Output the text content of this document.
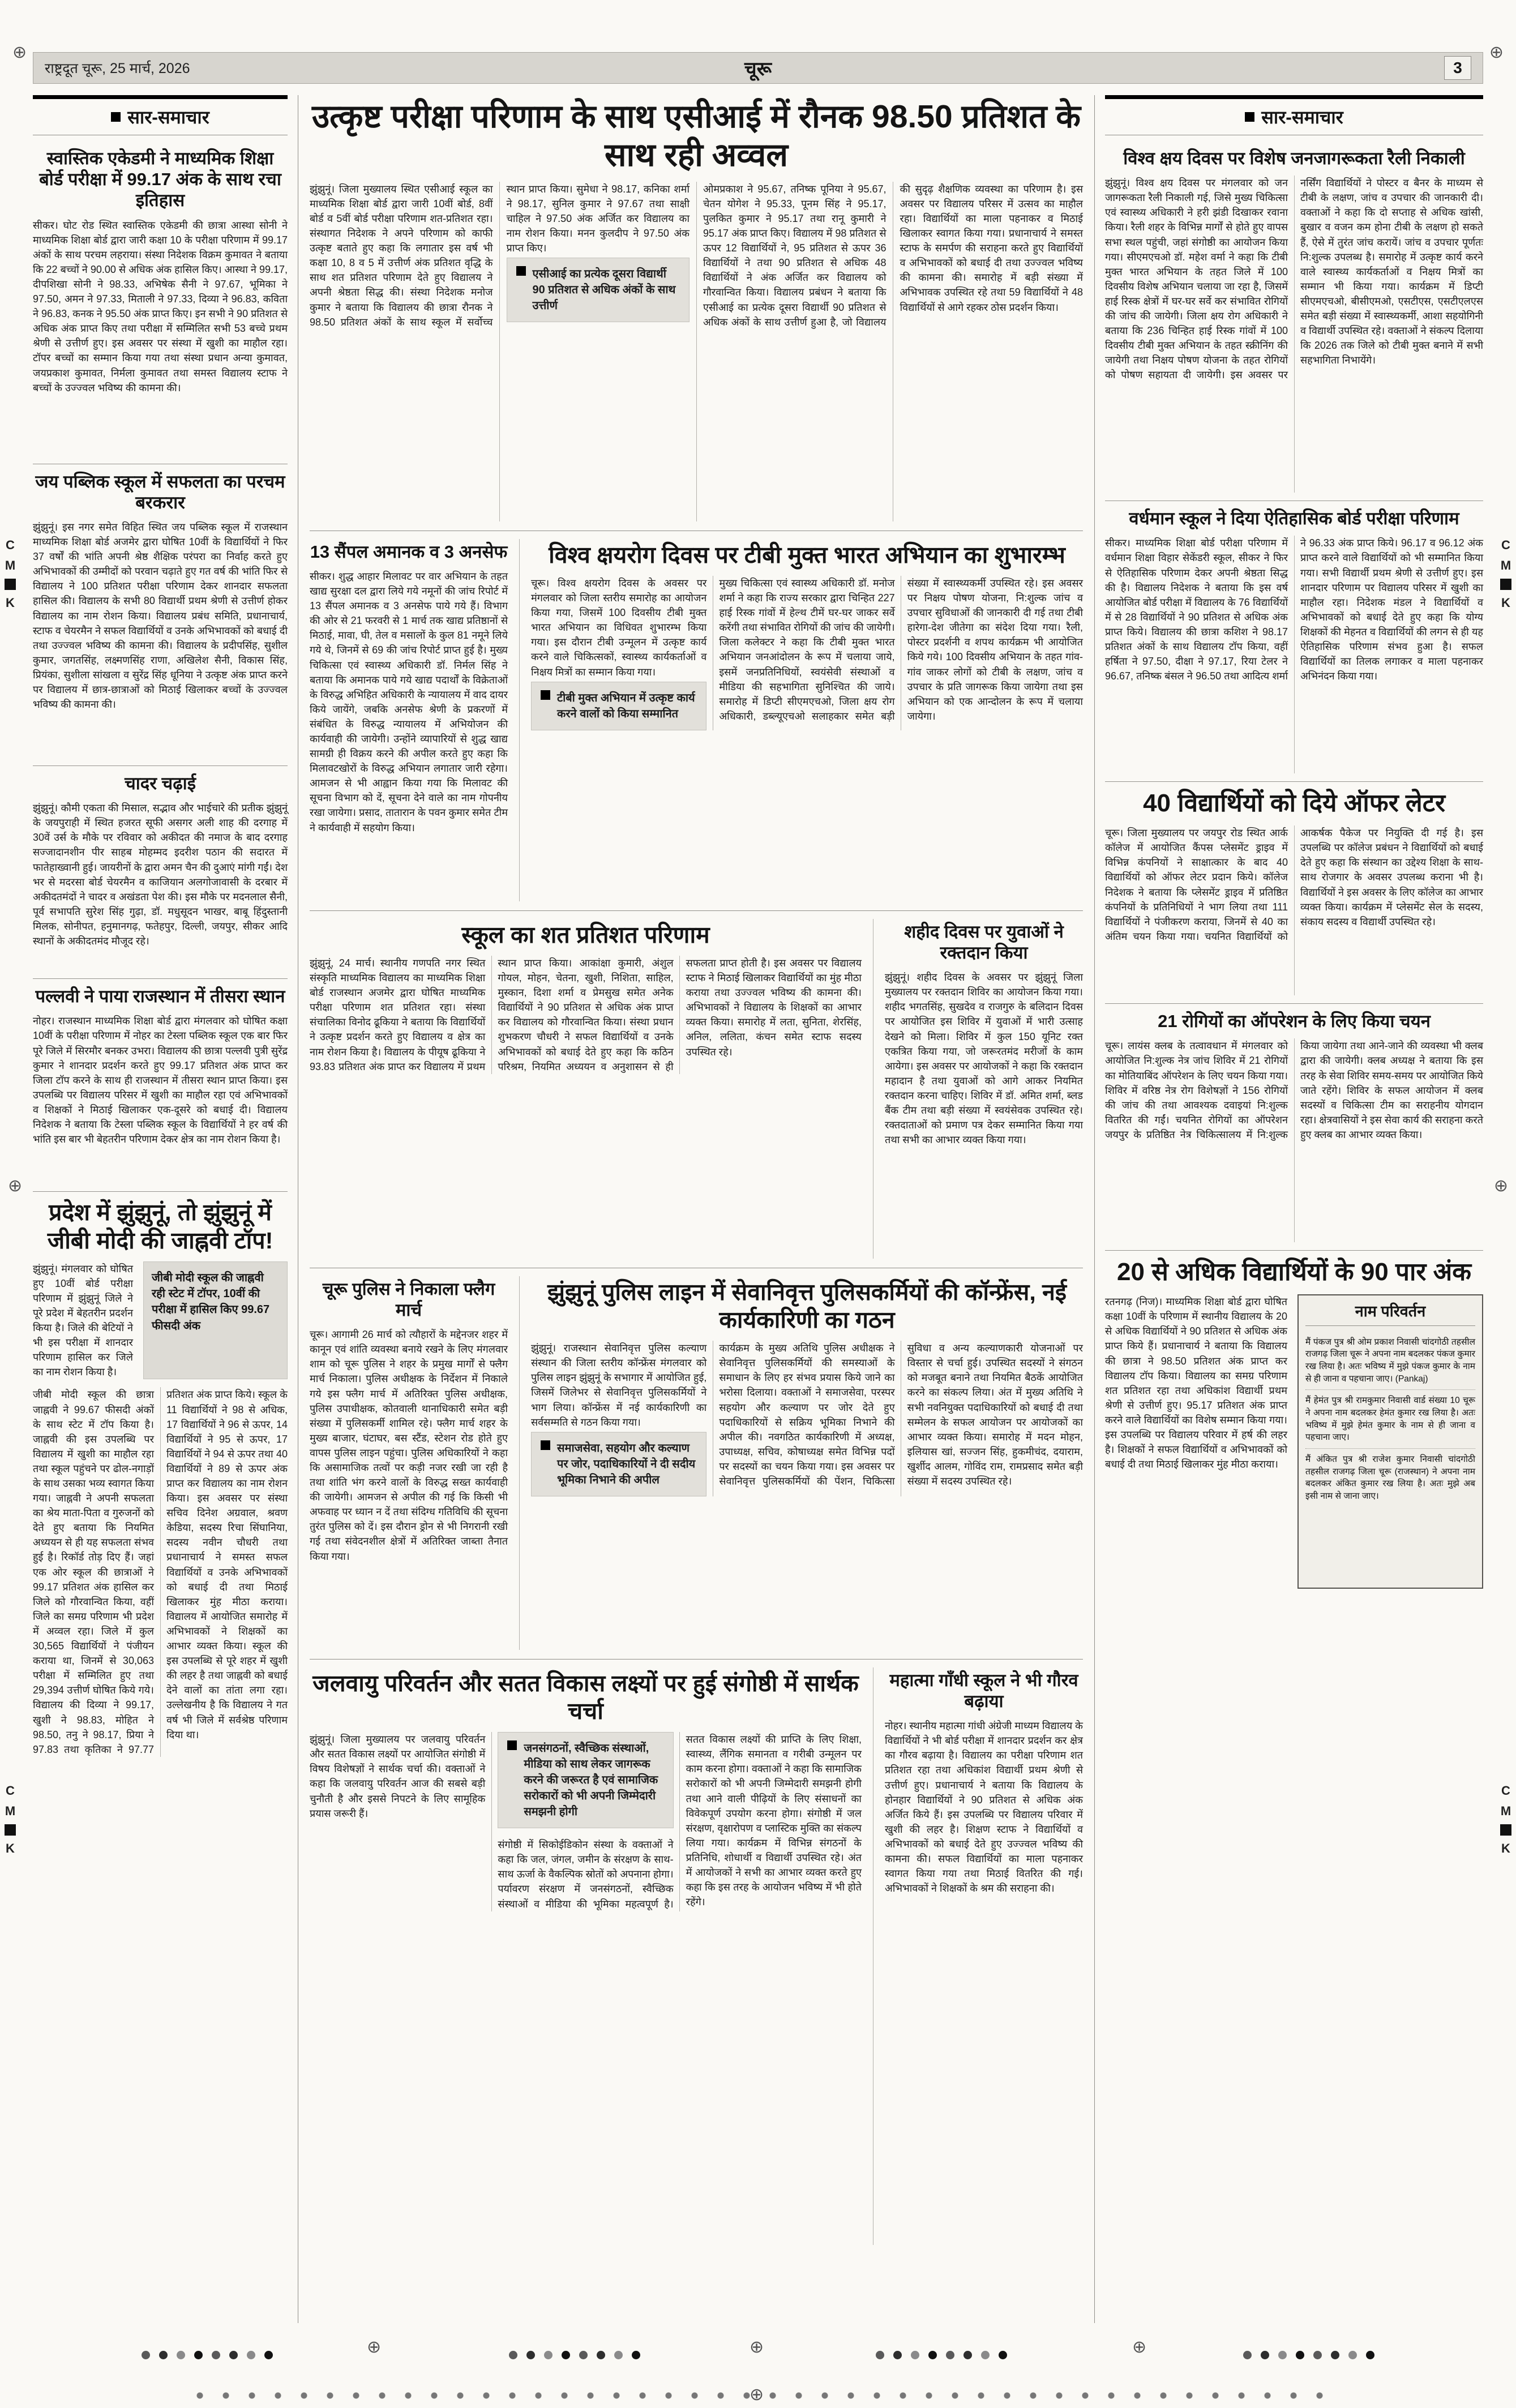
⊕
⊕
⊕
⊕
⊕
⊕
⊕
⊕
C
M
K
C
M
K
C
M
K
C
M
K
राष्ट्रदूत चूरू, 25 मार्च, 2026	चूरू	3
सार-समाचार
स्वास्तिक एकेडमी ने माध्यमिक शिक्षा बोर्ड परीक्षा में 99.17 अंक के साथ रचा इतिहास
सीकर। घोट रोड स्थित स्वास्तिक एकेडमी की छात्रा आस्था सोनी ने माध्यमिक शिक्षा बोर्ड द्वारा जारी कक्षा 10 के परीक्षा परिणाम में 99.17 अंकों के साथ परचम लहराया। संस्था निदेशक विक्रम कुमावत ने बताया कि 22 बच्चों ने 90.00 से अधिक अंक हासिल किए। आस्था ने 99.17, दीपशिखा सोनी ने 98.33, अभिषेक सैनी ने 97.67, भूमिका ने 97.50, अमन ने 97.33, मिताली ने 97.33, दिव्या ने 96.83, कविता ने 96.83, कनक ने 95.50 अंक प्राप्त किए। इन सभी ने 90 प्रतिशत से अधिक अंक प्राप्त किए तथा परीक्षा में सम्मिलित सभी 53 बच्चे प्रथम श्रेणी से उत्तीर्ण हुए। इस अवसर पर संस्था में खुशी का माहौल रहा। टॉपर बच्चों का सम्मान किया गया तथा संस्था प्रधान अन्या कुमावत, जयप्रकाश कुमावत, निर्मला कुमावत तथा समस्त विद्यालय स्टाफ ने बच्चों के उज्ज्वल भविष्य की कामना की।
जय पब्लिक स्कूल में सफलता का परचम बरकरार
झुंझुनूं। इस नगर समेत विहित स्थित जय पब्लिक स्कूल में राजस्थान माध्यमिक शिक्षा बोर्ड अजमेर द्वारा घोषित 10वीं के विद्यार्थियों ने फिर 37 वर्षों की भांति अपनी श्रेष्ठ शैक्षिक परंपरा का निर्वाह करते हुए अभिभावकों की उम्मीदों को परवान चढ़ाते हुए गत वर्ष की भांति फिर से विद्यालय ने 100 प्रतिशत परीक्षा परिणाम देकर शानदार सफलता हासिल की। विद्यालय के सभी 80 विद्यार्थी प्रथम श्रेणी से उत्तीर्ण होकर विद्यालय का नाम रोशन किया। विद्यालय प्रबंध समिति, प्रधानाचार्य, स्टाफ व चेयरमैन ने सफल विद्यार्थियों व उनके अभिभावकों को बधाई दी तथा उज्ज्वल भविष्य की कामना की। विद्यालय के प्रदीपसिंह, सुशील कुमार, जगतसिंह, लक्ष्मणसिंह राणा, अखिलेश सैनी, विकास सिंह, प्रियंका, सुशीला सांखला व सुरेंद्र सिंह धूनिया ने उत्कृष्ट अंक प्राप्त करने पर विद्यालय में छात्र-छात्राओं को मिठाई खिलाकर बच्चों के उज्ज्वल भविष्य की कामना की।
चादर चढ़ाई
झुंझुनूं। कौमी एकता की मिसाल, सद्भाव और भाईचारे की प्रतीक झुंझुनूं के जयपुराही में स्थित हजरत सूफी असगर अली शाह की दरगाह में 30वें उर्स के मौके पर रविवार को अकीदत की नमाज के बाद दरगाह सज्जादानशीन पीर साहब मोहम्मद इदरीश पठान की सदारत में फातेहाख्वानी हुई। जायरीनों के द्वारा अमन चैन की दुआएं मांगी गईं। देश भर से मदरसा बोर्ड चेयरमैन व काजियान अलगोजावासी के दरबार में अकीदतमंदों ने चादर व अखंडता पेश की। इस मौके पर मदनलाल सैनी, पूर्व सभापति सुरेश सिंह गुढ़ा, डॉ. मधुसूदन भाखर, बाबू हिंदुस्तानी मिलक, सोनीपत, हनुमानगढ़, फतेहपुर, दिल्ली, जयपुर, सीकर आदि स्थानों के अकीदतमंद मौजूद रहे।
पल्लवी ने पाया राजस्थान में तीसरा स्थान
नोहर। राजस्थान माध्यमिक शिक्षा बोर्ड द्वारा मंगलवार को घोषित कक्षा 10वीं के परीक्षा परिणाम में नोहर का टेस्ला पब्लिक स्कूल एक बार फिर पूरे जिले में सिरमौर बनकर उभरा। विद्यालय की छात्रा पल्लवी पुत्री सुरेंद्र कुमार ने शानदार प्रदर्शन करते हुए 99.17 प्रतिशत अंक प्राप्त कर जिला टॉप करने के साथ ही राजस्थान में तीसरा स्थान प्राप्त किया। इस उपलब्धि पर विद्यालय परिसर में खुशी का माहौल रहा एवं अभिभावकों व शिक्षकों ने मिठाई खिलाकर एक-दूसरे को बधाई दी। विद्यालय निदेशक ने बताया कि टेस्ला पब्लिक स्कूल के विद्यार्थियों ने हर वर्ष की भांति इस बार भी बेहतरीन परिणाम देकर क्षेत्र का नाम रोशन किया है।
प्रदेश में झुंझुनूं, तो झुंझुनूं में जीबी मोदी की जाह्नवी टॉप!
झुंझुनूं। मंगलवार को घोषित हुए 10वीं बोर्ड परीक्षा परिणाम में झुंझुनूं जिले ने पूरे प्रदेश में बेहतरीन प्रदर्शन किया है। जिले की बेटियों ने भी इस परीक्षा में शानदार परिणाम हासिल कर जिले का नाम रोशन किया है।
जीबी मोदी स्कूल की जाह्नवी रही स्टेट में टॉपर, 10वीं की परीक्षा में हासिल किए 99.67 फीसदी अंक
जीबी मोदी स्कूल की छात्रा जाह्नवी ने 99.67 फीसदी अंकों के साथ स्टेट में टॉप किया है। जाह्नवी की इस उपलब्धि पर विद्यालय में खुशी का माहौल रहा तथा स्कूल पहुंचने पर ढोल-नगाड़ों के साथ उसका भव्य स्वागत किया गया। जाह्नवी ने अपनी सफलता का श्रेय माता-पिता व गुरुजनों को देते हुए बताया कि नियमित अध्ययन से ही यह सफलता संभव हुई है। रिकॉर्ड तोड़ दिए हैं। जहां एक ओर स्कूल की छात्राओं ने 99.17 प्रतिशत अंक हासिल कर जिले को गौरवान्वित किया, वहीं जिले का समग्र परिणाम भी प्रदेश में अव्वल रहा। जिले में कुल 30,565 विद्यार्थियों ने पंजीयन कराया था, जिनमें से 30,063 परीक्षा में सम्मिलित हुए तथा 29,394 उत्तीर्ण घोषित किये गये। विद्यालय की दिव्या ने 99.17, खुशी ने 98.83, मोहित ने 98.50, तनु ने 98.17, प्रिया ने 97.83 तथा कृतिका ने 97.77 प्रतिशत अंक प्राप्त किये। स्कूल के 11 विद्यार्थियों ने 98 से अधिक, 17 विद्यार्थियों ने 96 से ऊपर, 14 विद्यार्थियों ने 95 से ऊपर, 17 विद्यार्थियों ने 94 से ऊपर तथा 40 विद्यार्थियों ने 89 से ऊपर अंक प्राप्त कर विद्यालय का नाम रोशन किया। इस अवसर पर संस्था सचिव दिनेश अग्रवाल, श्रवण केडिया, सदस्य रिचा सिंघानिया, सदस्य नवीन चौधरी तथा प्रधानाचार्य ने समस्त सफल विद्यार्थियों व उनके अभिभावकों को बधाई दी तथा मिठाई खिलाकर मुंह मीठा कराया। विद्यालय में आयोजित समारोह में अभिभावकों ने शिक्षकों का आभार व्यक्त किया। स्कूल की इस उपलब्धि से पूरे शहर में खुशी की लहर है तथा जाह्नवी को बधाई देने वालों का तांता लगा रहा। उल्लेखनीय है कि विद्यालय ने गत वर्ष भी जिले में सर्वश्रेष्ठ परिणाम दिया था।
उत्कृष्ट परीक्षा परिणाम के साथ एसीआई में रौनक 98.50 प्रतिशत के साथ रही अव्वल
झुंझुनूं। जिला मुख्यालय स्थित एसीआई स्कूल का माध्यमिक शिक्षा बोर्ड द्वारा जारी 10वीं बोर्ड, 8वीं बोर्ड व 5वीं बोर्ड परीक्षा परिणाम शत-प्रतिशत रहा। संस्थागत निदेशक ने अपने परिणाम को काफी उत्कृष्ट बताते हुए कहा कि लगातार इस वर्ष भी कक्षा 10, 8 व 5 में उत्तीर्ण अंक प्रतिशत वृद्धि के साथ शत प्रतिशत परिणाम देते हुए विद्यालय ने अपनी श्रेष्ठता सिद्ध की। संस्था निदेशक मनोज कुमार ने बताया कि विद्यालय की छात्रा रौनक ने 98.50 प्रतिशत अंकों के साथ स्कूल में सर्वोच्च स्थान प्राप्त किया। सुमेधा ने 98.17, कनिका शर्मा ने 98.17, सुनिल कुमार ने 97.67 तथा साक्षी चाहिल ने 97.50 अंक अर्जित कर विद्यालय का नाम रोशन किया। मनन कुलदीप ने 97.50 अंक प्राप्त किए।
एसीआई का प्रत्येक दूसरा विद्यार्थी 90 प्रतिशत से अधिक अंकों के साथ उत्तीर्ण
ओमप्रकाश ने 95.67, तनिष्क पूनिया ने 95.67, चेतन योगेश ने 95.33, पूनम सिंह ने 95.17, पुलकित कुमार ने 95.17 तथा रानू कुमारी ने 95.17 अंक प्राप्त किए। विद्यालय में 98 प्रतिशत से ऊपर 12 विद्यार्थियों ने, 95 प्रतिशत से ऊपर 36 विद्यार्थियों ने तथा 90 प्रतिशत से अधिक 48 विद्यार्थियों ने अंक अर्जित कर विद्यालय को गौरवान्वित किया। विद्यालय प्रबंधन ने बताया कि एसीआई का प्रत्येक दूसरा विद्यार्थी 90 प्रतिशत से अधिक अंकों के साथ उत्तीर्ण हुआ है, जो विद्यालय की सुदृढ़ शैक्षणिक व्यवस्था का परिणाम है। इस अवसर पर विद्यालय परिसर में उत्सव का माहौल रहा। विद्यार्थियों का माला पहनाकर व मिठाई खिलाकर स्वागत किया गया। प्रधानाचार्य ने समस्त स्टाफ के समर्पण की सराहना करते हुए विद्यार्थियों व अभिभावकों को बधाई दी तथा उज्ज्वल भविष्य की कामना की। समारोह में बड़ी संख्या में अभिभावक उपस्थित रहे तथा 59 विद्यार्थियों ने 48 विद्यार्थियों से आगे रहकर ठोस प्रदर्शन किया।
13 सैंपल अमानक व 3 अनसेफ
सीकर। शुद्ध आहार मिलावट पर वार अभियान के तहत खाद्य सुरक्षा दल द्वारा लिये गये नमूनों की जांच रिपोर्ट में 13 सैंपल अमानक व 3 अनसेफ पाये गये हैं। विभाग की ओर से 21 फरवरी से 1 मार्च तक खाद्य प्रतिष्ठानों से मिठाई, मावा, घी, तेल व मसालों के कुल 81 नमूने लिये गये थे, जिनमें से 69 की जांच रिपोर्ट प्राप्त हुई है। मुख्य चिकित्सा एवं स्वास्थ्य अधिकारी डॉ. निर्मल सिंह ने बताया कि अमानक पाये गये खाद्य पदार्थों के विक्रेताओं के विरुद्ध अभिहित अधिकारी के न्यायालय में वाद दायर किये जायेंगे, जबकि अनसेफ श्रेणी के प्रकरणों में संबंधित के विरुद्ध न्यायालय में अभियोजन की कार्यवाही की जायेगी। उन्होंने व्यापारियों से शुद्ध खाद्य सामग्री ही विक्रय करने की अपील करते हुए कहा कि मिलावटखोरों के विरुद्ध अभियान लगातार जारी रहेगा। आमजन से भी आह्वान किया गया कि मिलावट की सूचना विभाग को दें, सूचना देने वाले का नाम गोपनीय रखा जायेगा। प्रसाद, तातारान के पवन कुमार समेत टीम ने कार्यवाही में सहयोग किया।
विश्व क्षयरोग दिवस पर टीबी मुक्त भारत अभियान का शुभारम्भ
चूरू। विश्व क्षयरोग दिवस के अवसर पर मंगलवार को जिला स्तरीय समारोह का आयोजन किया गया, जिसमें 100 दिवसीय टीबी मुक्त भारत अभियान का विधिवत शुभारम्भ किया गया। इस दौरान टीबी उन्मूलन में उत्कृष्ट कार्य करने वाले चिकित्सकों, स्वास्थ्य कार्यकर्ताओं व निक्षय मित्रों का सम्मान किया गया।
टीबी मुक्त अभियान में उत्कृष्ट कार्य करने वालों को किया सम्मानित
मुख्य चिकित्सा एवं स्वास्थ्य अधिकारी डॉ. मनोज शर्मा ने कहा कि राज्य सरकार द्वारा चिन्हित 227 हाई रिस्क गांवों में हेल्थ टीमें घर-घर जाकर सर्वे करेंगी तथा संभावित रोगियों की जांच की जायेगी। जिला कलेक्टर ने कहा कि टीबी मुक्त भारत अभियान जनआंदोलन के रूप में चलाया जाये, इसमें जनप्रतिनिधियों, स्वयंसेवी संस्थाओं व मीडिया की सहभागिता सुनिश्चित की जाये। समारोह में डिप्टी सीएमएचओ, जिला क्षय रोग अधिकारी, डब्ल्यूएचओ सलाहकार समेत बड़ी संख्या में स्वास्थ्यकर्मी उपस्थित रहे। इस अवसर पर निक्षय पोषण योजना, नि:शुल्क जांच व उपचार सुविधाओं की जानकारी दी गई तथा टीबी हारेगा-देश जीतेगा का संदेश दिया गया। रैली, पोस्टर प्रदर्शनी व शपथ कार्यक्रम भी आयोजित किये गये। 100 दिवसीय अभियान के तहत गांव-गांव जाकर लोगों को टीबी के लक्षण, जांच व उपचार के प्रति जागरूक किया जायेगा तथा इस अभियान को एक आन्दोलन के रूप में चलाया जायेगा।
स्कूल का शत प्रतिशत परिणाम
झुंझुनूं, 24 मार्च। स्थानीय गणपति नगर स्थित संस्कृति माध्यमिक विद्यालय का माध्यमिक शिक्षा बोर्ड राजस्थान अजमेर द्वारा घोषित माध्यमिक परीक्षा परिणाम शत प्रतिशत रहा। संस्था संचालिका विनोद ढूकिया ने बताया कि विद्यार्थियों ने उत्कृष्ट प्रदर्शन करते हुए विद्यालय व क्षेत्र का नाम रोशन किया है। विद्यालय के पीयूष ढूकिया ने 93.83 प्रतिशत अंक प्राप्त कर विद्यालय में प्रथम स्थान प्राप्त किया। आकांक्षा कुमारी, अंशुल गोयल, मोहन, चेतना, खुशी, निशिता, साहिल, मुस्कान, दिशा शर्मा व प्रेमसुख समेत अनेक विद्यार्थियों ने 90 प्रतिशत से अधिक अंक प्राप्त कर विद्यालय को गौरवान्वित किया। संस्था प्रधान शुभकरण चौधरी ने सफल विद्यार्थियों व उनके अभिभावकों को बधाई देते हुए कहा कि कठिन परिश्रम, नियमित अध्ययन व अनुशासन से ही सफलता प्राप्त होती है। इस अवसर पर विद्यालय स्टाफ ने मिठाई खिलाकर विद्यार्थियों का मुंह मीठा कराया तथा उज्ज्वल भविष्य की कामना की। अभिभावकों ने विद्यालय के शिक्षकों का आभार व्यक्त किया। समारोह में लता, सुनिता, शेरसिंह, अनिल, ललिता, कंचन समेत स्टाफ सदस्य उपस्थित रहे।
शहीद दिवस पर युवाओं ने रक्तदान किया
झुंझुनूं। शहीद दिवस के अवसर पर झुंझुनूं जिला मुख्यालय पर रक्तदान शिविर का आयोजन किया गया। शहीद भगतसिंह, सुखदेव व राजगुरु के बलिदान दिवस पर आयोजित इस शिविर में युवाओं में भारी उत्साह देखने को मिला। शिविर में कुल 150 यूनिट रक्त एकत्रित किया गया, जो जरूरतमंद मरीजों के काम आयेगा। इस अवसर पर आयोजकों ने कहा कि रक्तदान महादान है तथा युवाओं को आगे आकर नियमित रक्तदान करना चाहिए। शिविर में डॉ. अमित शर्मा, ब्लड बैंक टीम तथा बड़ी संख्या में स्वयंसेवक उपस्थित रहे। रक्तदाताओं को प्रमाण पत्र देकर सम्मानित किया गया तथा सभी का आभार व्यक्त किया गया।
चूरू पुलिस ने निकाला फ्लैग मार्च
चूरू। आगामी 26 मार्च को त्यौहारों के मद्देनजर शहर में कानून एवं शांति व्यवस्था बनाये रखने के लिए मंगलवार शाम को चूरू पुलिस ने शहर के प्रमुख मार्गों से फ्लैग मार्च निकाला। पुलिस अधीक्षक के निर्देशन में निकाले गये इस फ्लैग मार्च में अतिरिक्त पुलिस अधीक्षक, पुलिस उपाधीक्षक, कोतवाली थानाधिकारी समेत बड़ी संख्या में पुलिसकर्मी शामिल रहे। फ्लैग मार्च शहर के मुख्य बाजार, घंटाघर, बस स्टैंड, स्टेशन रोड होते हुए वापस पुलिस लाइन पहुंचा। पुलिस अधिकारियों ने कहा कि असामाजिक तत्वों पर कड़ी नजर रखी जा रही है तथा शांति भंग करने वालों के विरुद्ध सख्त कार्यवाही की जायेगी। आमजन से अपील की गई कि किसी भी अफवाह पर ध्यान न दें तथा संदिग्ध गतिविधि की सूचना तुरंत पुलिस को दें। इस दौरान ड्रोन से भी निगरानी रखी गई तथा संवेदनशील क्षेत्रों में अतिरिक्त जाब्ता तैनात किया गया।
झुंझुनूं पुलिस लाइन में सेवानिवृत्त पुलिसकर्मियों की कॉन्फ्रेंस, नई कार्यकारिणी का गठन
झुंझुनूं। राजस्थान सेवानिवृत्त पुलिस कल्याण संस्थान की जिला स्तरीय कॉन्फ्रेंस मंगलवार को पुलिस लाइन झुंझुनूं के सभागार में आयोजित हुई, जिसमें जिलेभर से सेवानिवृत्त पुलिसकर्मियों ने भाग लिया। कॉन्फ्रेंस में नई कार्यकारिणी का सर्वसम्मति से गठन किया गया।
समाजसेवा, सहयोग और कल्याण पर जोर, पदाधिकारियों ने दी सदीय भूमिका निभाने की अपील
कार्यक्रम के मुख्य अतिथि पुलिस अधीक्षक ने सेवानिवृत्त पुलिसकर्मियों की समस्याओं के समाधान के लिए हर संभव प्रयास किये जाने का भरोसा दिलाया। वक्ताओं ने समाजसेवा, परस्पर सहयोग और कल्याण पर जोर देते हुए पदाधिकारियों से सक्रिय भूमिका निभाने की अपील की। नवगठित कार्यकारिणी में अध्यक्ष, उपाध्यक्ष, सचिव, कोषाध्यक्ष समेत विभिन्न पदों पर सदस्यों का चयन किया गया। इस अवसर पर सेवानिवृत्त पुलिसकर्मियों की पेंशन, चिकित्सा सुविधा व अन्य कल्याणकारी योजनाओं पर विस्तार से चर्चा हुई। उपस्थित सदस्यों ने संगठन को मजबूत बनाने तथा नियमित बैठकें आयोजित करने का संकल्प लिया। अंत में मुख्य अतिथि ने सभी नवनियुक्त पदाधिकारियों को बधाई दी तथा सम्मेलन के सफल आयोजन पर आयोजकों का आभार व्यक्त किया। समारोह में मदन मोहन, इलियास खां, सज्जन सिंह, हुकमीचंद, दयाराम, खुर्शीद आलम, गोविंद राम, रामप्रसाद समेत बड़ी संख्या में सदस्य उपस्थित रहे।
जलवायु परिवर्तन और सतत विकास लक्ष्यों पर हुई संगोष्ठी में सार्थक चर्चा
झुंझुनूं। जिला मुख्यालय पर जलवायु परिवर्तन और सतत विकास लक्ष्यों पर आयोजित संगोष्ठी में विषय विशेषज्ञों ने सार्थक चर्चा की। वक्ताओं ने कहा कि जलवायु परिवर्तन आज की सबसे बड़ी चुनौती है और इससे निपटने के लिए सामूहिक प्रयास जरूरी हैं।
जनसंगठनों, स्वैच्छिक संस्थाओं, मीडिया को साथ लेकर जागरूक करने की जरूरत है एवं सामाजिक सरोकारों को भी अपनी जिम्मेदारी समझनी होगी
संगोष्ठी में सिकोईडिकोन संस्था के वक्ताओं ने कहा कि जल, जंगल, जमीन के संरक्षण के साथ-साथ ऊर्जा के वैकल्पिक स्रोतों को अपनाना होगा। पर्यावरण संरक्षण में जनसंगठनों, स्वैच्छिक संस्थाओं व मीडिया की भूमिका महत्वपूर्ण है। सतत विकास लक्ष्यों की प्राप्ति के लिए शिक्षा, स्वास्थ्य, लैंगिक समानता व गरीबी उन्मूलन पर काम करना होगा। वक्ताओं ने कहा कि सामाजिक सरोकारों को भी अपनी जिम्मेदारी समझनी होगी तथा आने वाली पीढ़ियों के लिए संसाधनों का विवेकपूर्ण उपयोग करना होगा। संगोष्ठी में जल संरक्षण, वृक्षारोपण व प्लास्टिक मुक्ति का संकल्प लिया गया। कार्यक्रम में विभिन्न संगठनों के प्रतिनिधि, शोधार्थी व विद्यार्थी उपस्थित रहे। अंत में आयोजकों ने सभी का आभार व्यक्त करते हुए कहा कि इस तरह के आयोजन भविष्य में भी होते रहेंगे।
महात्मा गाँधी स्कूल ने भी गौरव बढ़ाया
नोहर। स्थानीय महात्मा गांधी अंग्रेजी माध्यम विद्यालय के विद्यार्थियों ने भी बोर्ड परीक्षा में शानदार प्रदर्शन कर क्षेत्र का गौरव बढ़ाया है। विद्यालय का परीक्षा परिणाम शत प्रतिशत रहा तथा अधिकांश विद्यार्थी प्रथम श्रेणी से उत्तीर्ण हुए। प्रधानाचार्य ने बताया कि विद्यालय के होनहार विद्यार्थियों ने 90 प्रतिशत से अधिक अंक अर्जित किये हैं। इस उपलब्धि पर विद्यालय परिवार में खुशी की लहर है। शिक्षण स्टाफ ने विद्यार्थियों व अभिभावकों को बधाई देते हुए उज्ज्वल भविष्य की कामना की। सफल विद्यार्थियों का माला पहनाकर स्वागत किया गया तथा मिठाई वितरित की गई। अभिभावकों ने शिक्षकों के श्रम की सराहना की।
सार-समाचार
विश्व क्षय दिवस पर विशेष जनजागरूकता रैली निकाली
झुंझुनूं। विश्व क्षय दिवस पर मंगलवार को जन जागरूकता रैली निकाली गई, जिसे मुख्य चिकित्सा एवं स्वास्थ्य अधिकारी ने हरी झंडी दिखाकर रवाना किया। रैली शहर के विभिन्न मार्गों से होते हुए वापस सभा स्थल पहुंची, जहां संगोष्ठी का आयोजन किया गया। सीएमएचओ डॉ. महेश वर्मा ने कहा कि टीबी मुक्त भारत अभियान के तहत जिले में 100 दिवसीय विशेष अभियान चलाया जा रहा है, जिसमें हाई रिस्क क्षेत्रों में घर-घर सर्वे कर संभावित रोगियों की जांच की जायेगी। जिला क्षय रोग अधिकारी ने बताया कि 236 चिन्हित हाई रिस्क गांवों में 100 दिवसीय टीबी मुक्त अभियान के तहत स्क्रीनिंग की जायेगी तथा निक्षय पोषण योजना के तहत रोगियों को पोषण सहायता दी जायेगी। इस अवसर पर नर्सिंग विद्यार्थियों ने पोस्टर व बैनर के माध्यम से टीबी के लक्षण, जांच व उपचार की जानकारी दी। वक्ताओं ने कहा कि दो सप्ताह से अधिक खांसी, बुखार व वजन कम होना टीबी के लक्षण हो सकते हैं, ऐसे में तुरंत जांच करायें। जांच व उपचार पूर्णतः नि:शुल्क उपलब्ध है। समारोह में उत्कृष्ट कार्य करने वाले स्वास्थ्य कार्यकर्ताओं व निक्षय मित्रों का सम्मान भी किया गया। कार्यक्रम में डिप्टी सीएमएचओ, बीसीएमओ, एसटीएस, एसटीएलएस समेत बड़ी संख्या में स्वास्थ्यकर्मी, आशा सहयोगिनी व विद्यार्थी उपस्थित रहे। वक्ताओं ने संकल्प दिलाया कि 2026 तक जिले को टीबी मुक्त बनाने में सभी सहभागिता निभायेंगे।
वर्धमान स्कूल ने दिया ऐतिहासिक बोर्ड परीक्षा परिणाम
सीकर। माध्यमिक शिक्षा बोर्ड परीक्षा परिणाम में वर्धमान शिक्षा विहार सेकेंडरी स्कूल, सीकर ने फिर से ऐतिहासिक परिणाम देकर अपनी श्रेष्ठता सिद्ध की है। विद्यालय निदेशक ने बताया कि इस वर्ष आयोजित बोर्ड परीक्षा में विद्यालय के 76 विद्यार्थियों में से 28 विद्यार्थियों ने 90 प्रतिशत से अधिक अंक प्राप्त किये। विद्यालय की छात्रा कशिश ने 98.17 प्रतिशत अंकों के साथ विद्यालय टॉप किया, वहीं हर्षिता ने 97.50, दीक्षा ने 97.17, रिया टेलर ने 96.67, तनिष्क बंसल ने 96.50 तथा आदित्य शर्मा ने 96.33 अंक प्राप्त किये। 96.17 व 96.12 अंक प्राप्त करने वाले विद्यार्थियों को भी सम्मानित किया गया। सभी विद्यार्थी प्रथम श्रेणी से उत्तीर्ण हुए। इस शानदार परिणाम पर विद्यालय परिसर में खुशी का माहौल रहा। निदेशक मंडल ने विद्यार्थियों व अभिभावकों को बधाई देते हुए कहा कि योग्य शिक्षकों की मेहनत व विद्यार्थियों की लगन से ही यह ऐतिहासिक परिणाम संभव हुआ है। सफल विद्यार्थियों का तिलक लगाकर व माला पहनाकर अभिनंदन किया गया।
40 विद्यार्थियों को दिये ऑफर लेटर
चूरू। जिला मुख्यालय पर जयपुर रोड स्थित आर्क कॉलेज में आयोजित कैंपस प्लेसमेंट ड्राइव में विभिन्न कंपनियों ने साक्षात्कार के बाद 40 विद्यार्थियों को ऑफर लेटर प्रदान किये। कॉलेज निदेशक ने बताया कि प्लेसमेंट ड्राइव में प्रतिष्ठित कंपनियों के प्रतिनिधियों ने भाग लिया तथा 111 विद्यार्थियों ने पंजीकरण कराया, जिनमें से 40 का अंतिम चयन किया गया। चयनित विद्यार्थियों को आकर्षक पैकेज पर नियुक्ति दी गई है। इस उपलब्धि पर कॉलेज प्रबंधन ने विद्यार्थियों को बधाई देते हुए कहा कि संस्थान का उद्देश्य शिक्षा के साथ-साथ रोजगार के अवसर उपलब्ध कराना भी है। विद्यार्थियों ने इस अवसर के लिए कॉलेज का आभार व्यक्त किया। कार्यक्रम में प्लेसमेंट सेल के सदस्य, संकाय सदस्य व विद्यार्थी उपस्थित रहे।
21 रोगियों का ऑपरेशन के लिए किया चयन
चूरू। लायंस क्लब के तत्वावधान में मंगलवार को आयोजित नि:शुल्क नेत्र जांच शिविर में 21 रोगियों का मोतियाबिंद ऑपरेशन के लिए चयन किया गया। शिविर में वरिष्ठ नेत्र रोग विशेषज्ञों ने 156 रोगियों की जांच की तथा आवश्यक दवाइयां नि:शुल्क वितरित की गईं। चयनित रोगियों का ऑपरेशन जयपुर के प्रतिष्ठित नेत्र चिकित्सालय में नि:शुल्क किया जायेगा तथा आने-जाने की व्यवस्था भी क्लब द्वारा की जायेगी। क्लब अध्यक्ष ने बताया कि इस तरह के सेवा शिविर समय-समय पर आयोजित किये जाते रहेंगे। शिविर के सफल आयोजन में क्लब सदस्यों व चिकित्सा टीम का सराहनीय योगदान रहा। क्षेत्रवासियों ने इस सेवा कार्य की सराहना करते हुए क्लब का आभार व्यक्त किया।
20 से अधिक विद्यार्थियों के 90 पार अंक
रतनगढ़ (निज)। माध्यमिक शिक्षा बोर्ड द्वारा घोषित कक्षा 10वीं के परिणाम में स्थानीय विद्यालय के 20 से अधिक विद्यार्थियों ने 90 प्रतिशत से अधिक अंक प्राप्त किये हैं। प्रधानाचार्य ने बताया कि विद्यालय की छात्रा ने 98.50 प्रतिशत अंक प्राप्त कर विद्यालय टॉप किया। विद्यालय का समग्र परिणाम शत प्रतिशत रहा तथा अधिकांश विद्यार्थी प्रथम श्रेणी से उत्तीर्ण हुए। 95.17 प्रतिशत अंक प्राप्त करने वाले विद्यार्थियों का विशेष सम्मान किया गया। इस उपलब्धि पर विद्यालय परिवार में हर्ष की लहर है। शिक्षकों ने सफल विद्यार्थियों व अभिभावकों को बधाई दी तथा मिठाई खिलाकर मुंह मीठा कराया।
नाम परिवर्तन
मैं पंकज पुत्र श्री ओम प्रकाश निवासी चांदगोठी तहसील राजगढ़ जिला चूरू ने अपना नाम बदलकर पंकज कुमार रख लिया है। अतः भविष्य में मुझे पंकज कुमार के नाम से ही जाना व पहचाना जाए। (Pankaj)
मैं हेमंत पुत्र श्री रामकुमार निवासी वार्ड संख्या 10 चूरू ने अपना नाम बदलकर हेमंत कुमार रख लिया है। अतः भविष्य में मुझे हेमंत कुमार के नाम से ही जाना व पहचाना जाए।
मैं अंकित पुत्र श्री राजेश कुमार निवासी चांदगोठी तहसील राजगढ़ जिला चूरू (राजस्थान) ने अपना नाम बदलकर अंकित कुमार रख लिया है। अतः मुझे अब इसी नाम से जाना जाए।
